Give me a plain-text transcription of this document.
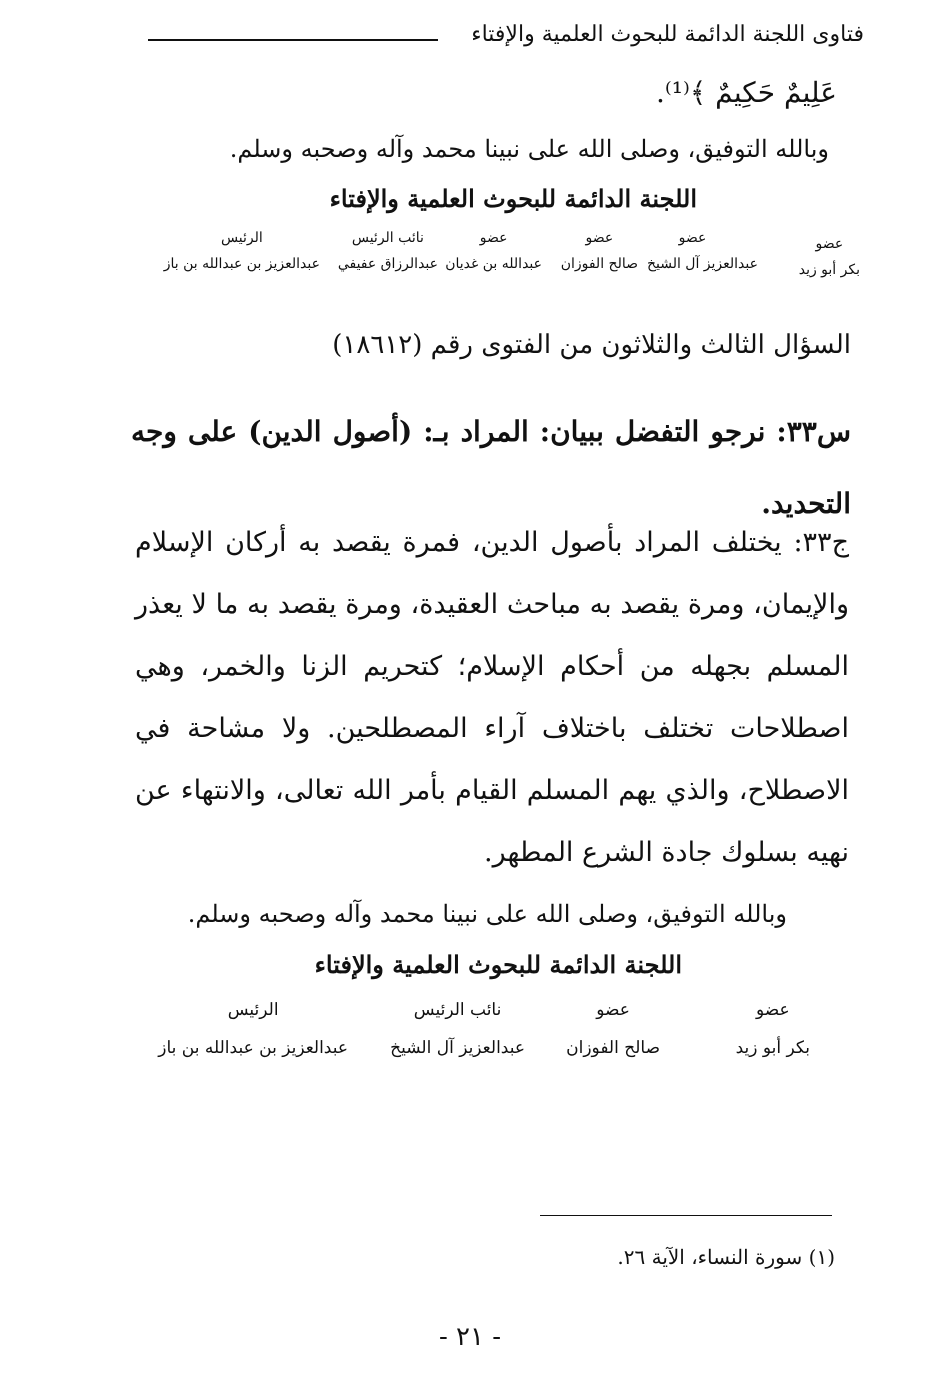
فتاوى اللجنة الدائمة للبحوث العلمية والإفتاء
عَلِيمٌ حَكِيمٌ ﴾⁽¹⁾.
وبالله التوفيق، وصلى الله على نبينا محمد وآله وصحبه وسلم.
اللجنة الدائمة للبحوث العلمية والإفتاء
عضو
بكر أبو زيد
عضو
عبدالعزيز آل الشيخ
عضو
صالح الفوزان
عضو
عبدالله بن غديان
نائب الرئيس
عبدالرزاق عفيفي
الرئيس
عبدالعزيز بن عبدالله بن باز
السؤال الثالث والثلاثون من الفتوى رقم (١٨٦١٢)
س٣٣: نرجو التفضل ببيان: المراد بـ: (أصول الدين) على وجه التحديد.
ج٣٣: يختلف المراد بأصول الدين، فمرة يقصد به أركان الإسلام والإيمان، ومرة يقصد به مباحث العقيدة، ومرة يقصد به ما لا يعذر المسلم بجهله من أحكام الإسلام؛ كتحريم الزنا والخمر، وهي اصطلاحات تختلف باختلاف آراء المصطلحين. ولا مشاحة في الاصطلاح، والذي يهم المسلم القيام بأمر الله تعالى، والانتهاء عن نهيه بسلوك جادة الشرع المطهر.
وبالله التوفيق، وصلى الله على نبينا محمد وآله وصحبه وسلم.
اللجنة الدائمة للبحوث العلمية والإفتاء
عضو
بكر أبو زيد
عضو
صالح الفوزان
نائب الرئيس
عبدالعزيز آل الشيخ
الرئيس
عبدالعزيز بن عبدالله بن باز
(١) سورة النساء، الآية ٢٦.
- ٢١ -
